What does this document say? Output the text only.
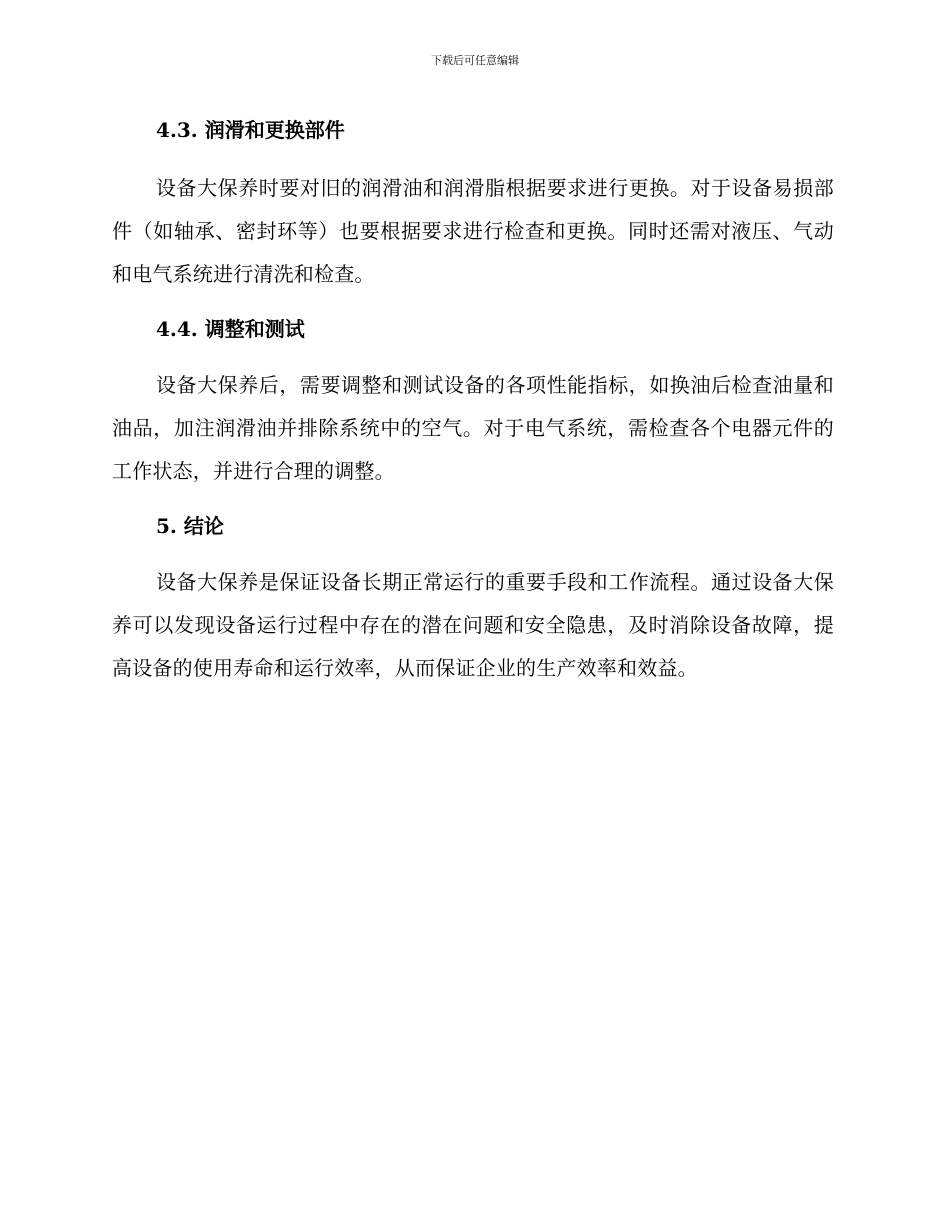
下载后可任意编辑
4.3. 润滑和更换部件

设备大保养时要对旧的润滑油和润滑脂根据要求进行更换。对于设备易损部件（如轴承、密封环等）也要根据要求进行检查和更换。同时还需对液压、气动和电气系统进行清洗和检查。

4.4. 调整和测试

设备大保养后，需要调整和测试设备的各项性能指标，如换油后检查油量和油品，加注润滑油并排除系统中的空气。对于电气系统，需检查各个电器元件的工作状态，并进行合理的调整。

5. 结论

设备大保养是保证设备长期正常运行的重要手段和工作流程。通过设备大保养可以发现设备运行过程中存在的潜在问题和安全隐患，及时消除设备故障，提高设备的使用寿命和运行效率，从而保证企业的生产效率和效益。
